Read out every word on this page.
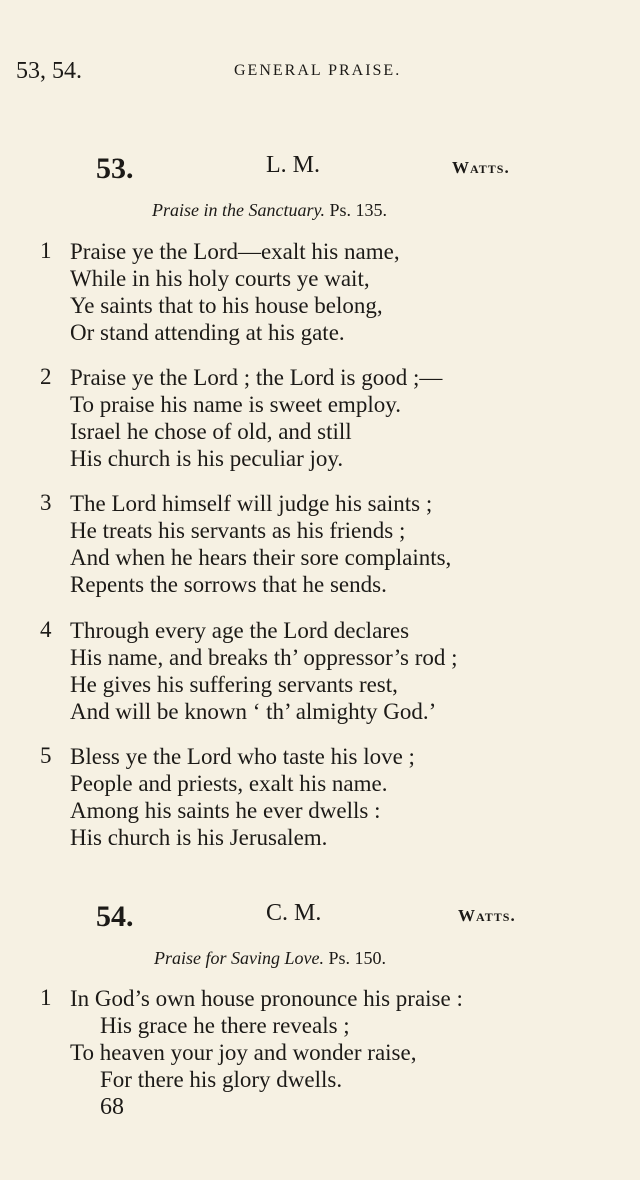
53, 54.	GENERAL PRAISE.
53.	L. M.	Watts.
Praise in the Sanctuary. Ps. 135.
1 Praise ye the Lord—exalt his name,
While in his holy courts ye wait,
Ye saints that to his house belong,
Or stand attending at his gate.
2 Praise ye the Lord ; the Lord is good ;—
To praise his name is sweet employ.
Israel he chose of old, and still
His church is his peculiar joy.
3 The Lord himself will judge his saints ;
He treats his servants as his friends ;
And when he hears their sore complaints,
Repents the sorrows that he sends.
4 Through every age the Lord declares
His name, and breaks th’ oppressor’s rod ;
He gives his suffering servants rest,
And will be known ‘ th’ almighty God.’
5 Bless ye the Lord who taste his love ;
People and priests, exalt his name.
Among his saints he ever dwells :
His church is his Jerusalem.
54.	C. M.	Watts.
Praise for Saving Love. Ps. 150.
1 In God’s own house pronounce his praise :
His grace he there reveals ;
To heaven your joy and wonder raise,
For there his glory dwells.
68
